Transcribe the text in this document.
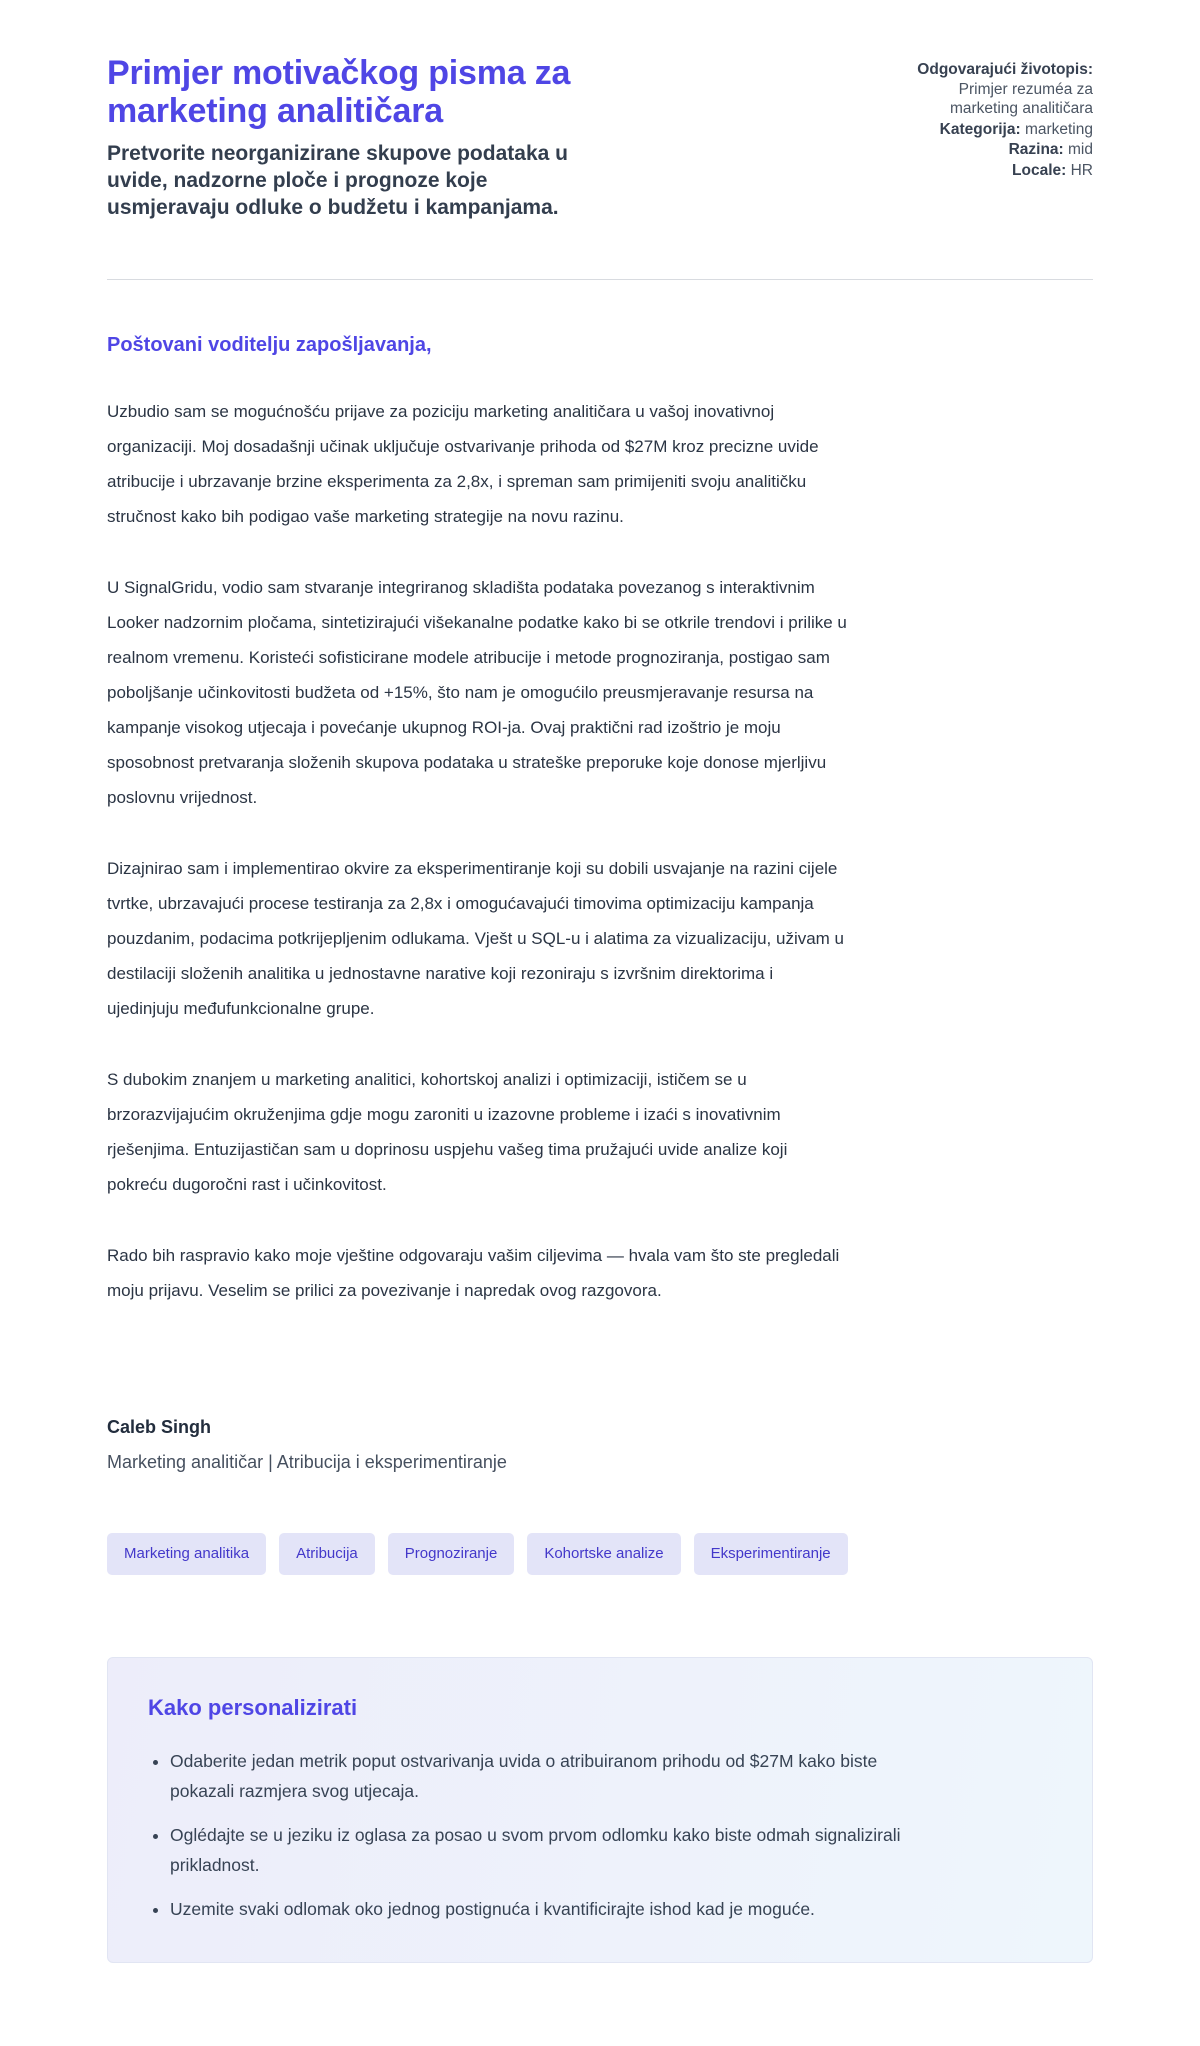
Primjer motivačkog pisma za marketing analitičara
Pretvorite neorganizirane skupove podataka u uvide, nadzorne ploče i prognoze koje usmjeravaju odluke o budžetu i kampanjama.
Odgovarajući životopis: Primjer rezuméa za marketing analitičara
Kategorija: marketing
Razina: mid
Locale: HR

Poštovani voditelju zapošljavanja,

Uzbudio sam se mogućnošću prijave za poziciju marketing analitičara u vašoj inovativnoj organizaciji. Moj dosadašnji učinak uključuje ostvarivanje prihoda od $27M kroz precizne uvide atribucije i ubrzavanje brzine eksperimenta za 2,8x, i spreman sam primijeniti svoju analitičku stručnost kako bih podigao vaše marketing strategije na novu razinu.

U SignalGridu, vodio sam stvaranje integriranog skladišta podataka povezanog s interaktivnim Looker nadzornim pločama, sintetizirajući višekanalne podatke kako bi se otkrile trendovi i prilike u realnom vremenu. Koristeći sofisticirane modele atribucije i metode prognoziranja, postigao sam poboljšanje učinkovitosti budžeta od +15%, što nam je omogućilo preusmjeravanje resursa na kampanje visokog utjecaja i povećanje ukupnog ROI-ja. Ovaj praktični rad izoštrio je moju sposobnost pretvaranja složenih skupova podataka u strateške preporuke koje donose mjerljivu poslovnu vrijednost.

Dizajnirao sam i implementirao okvire za eksperimentiranje koji su dobili usvajanje na razini cijele tvrtke, ubrzavajući procese testiranja za 2,8x i omogućavajući timovima optimizaciju kampanja pouzdanim, podacima potkrijepljenim odlukama. Vješt u SQL-u i alatima za vizualizaciju, uživam u destilaciji složenih analitika u jednostavne narative koji rezoniraju s izvršnim direktorima i ujedinjuju međufunkcionalne grupe.

S dubokim znanjem u marketing analitici, kohortskoj analizi i optimizaciji, ističem se u brzorazvijajućim okruženjima gdje mogu zaroniti u izazovne probleme i izaći s inovativnim rješenjima. Entuzijastičan sam u doprinosu uspjehu vašeg tima pružajući uvide analize koji pokreću dugoročni rast i učinkovitost.

Rado bih raspravio kako moje vještine odgovaraju vašim ciljevima — hvala vam što ste pregledali moju prijavu. Veselim se prilici za povezivanje i napredak ovog razgovora.

Caleb Singh
Marketing analitičar | Atribucija i eksperimentiranje
Marketing analitika	Atribucija	Prognoziranje	Kohortske analize	Eksperimentiranje
Kako personalizirati
• Odaberite jedan metrik poput ostvarivanja uvida o atribuiranom prihodu od $27M kako biste pokazali razmjera svog utjecaja.
• Oglédajte se u jeziku iz oglasa za posao u svom prvom odlomku kako biste odmah signalizirali prikladnost.
• Uzemite svaki odlomak oko jednog postignuća i kvantificirajte ishod kad je moguće.
